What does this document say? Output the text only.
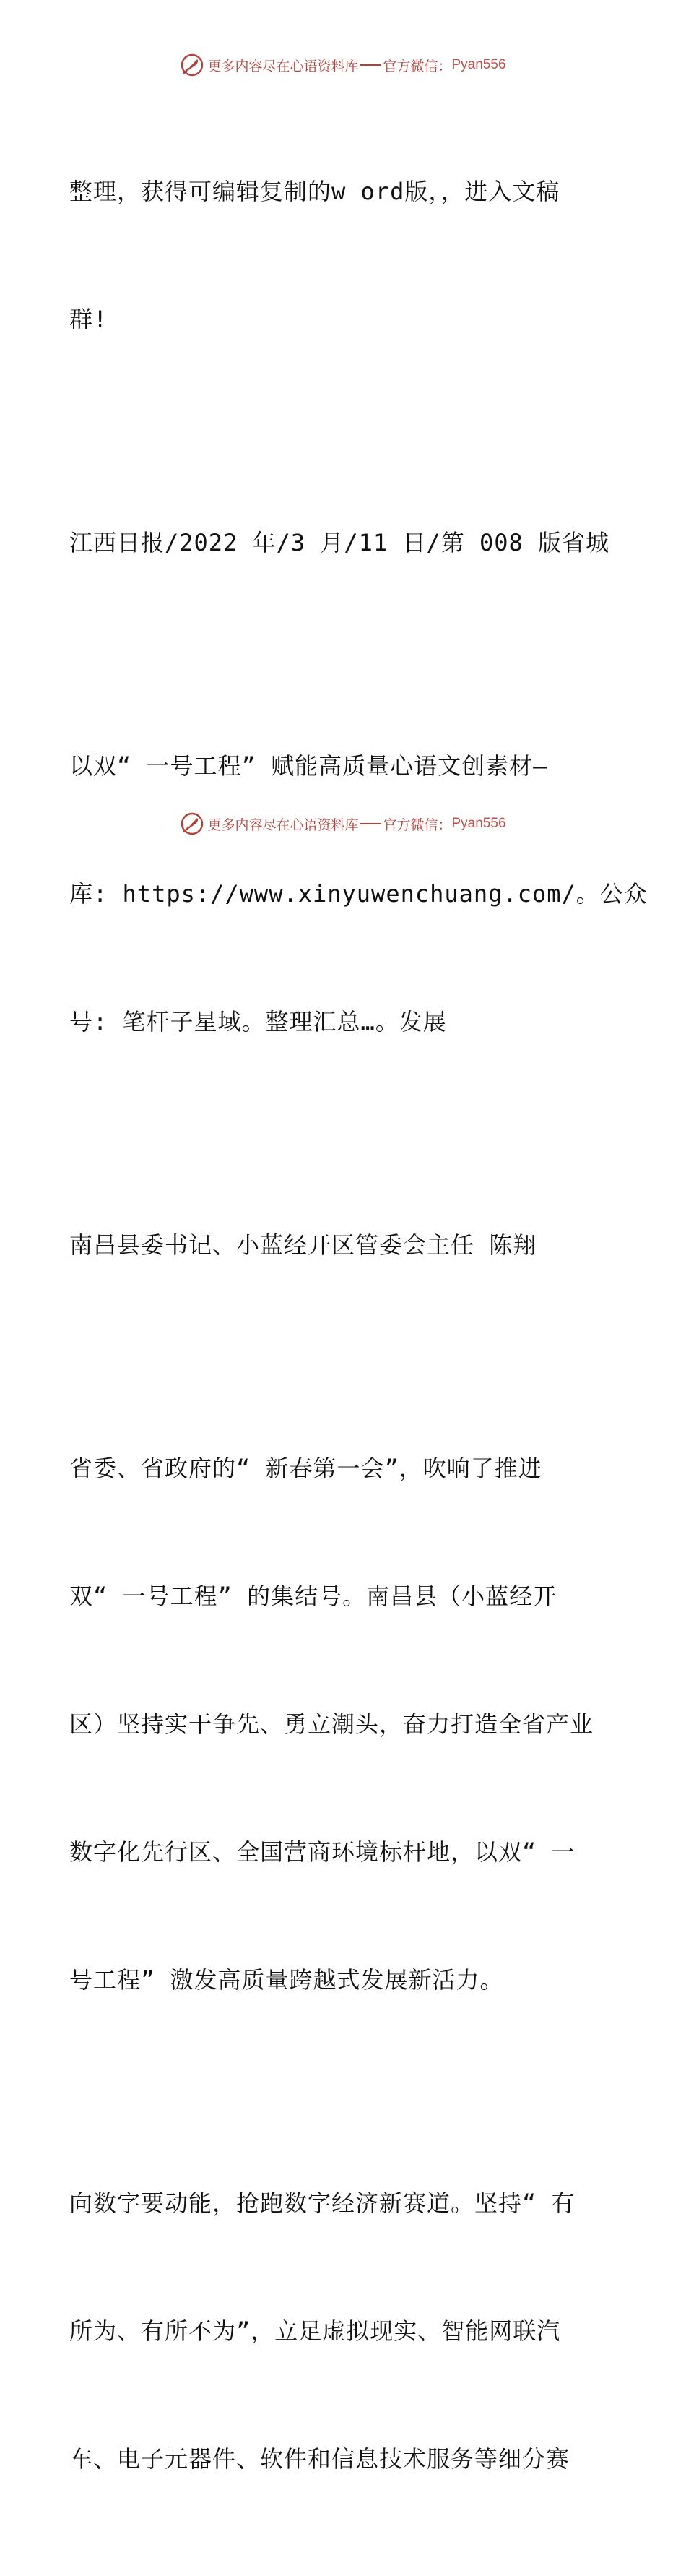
更多内容尽在心语资料库 官方微信： Pyan556

整理，获得可编辑复制的w ord版，，进入文稿

群!

江西日报/2022 年/3 月/11 日/第 008 版省城

以双“ 一号工程” 赋能高质量心语文创素材—

库: https://www.xinyuwenchuang.com/。公众

号: 笔杆子星域。整理汇总…。发展

南昌县委书记、小蓝经开区管委会主任 陈翔

省委、省政府的“ 新春第一会”，吹响了推进

双“ 一号工程” 的集结号。南昌县（小蓝经开

区）坚持实干争先、勇立潮头，奋力打造全省产业

数字化先行区、全国营商环境标杆地，以双“ 一

号工程” 激发高质量跨越式发展新活力。

向数字要动能，抢跑数字经济新赛道。坚持“ 有

所为、有所不为”，立足虚拟现实、智能网联汽

车、电子元器件、软件和信息技术服务等细分赛

更多内容尽在心语资料库 官方微信： Pyan556
